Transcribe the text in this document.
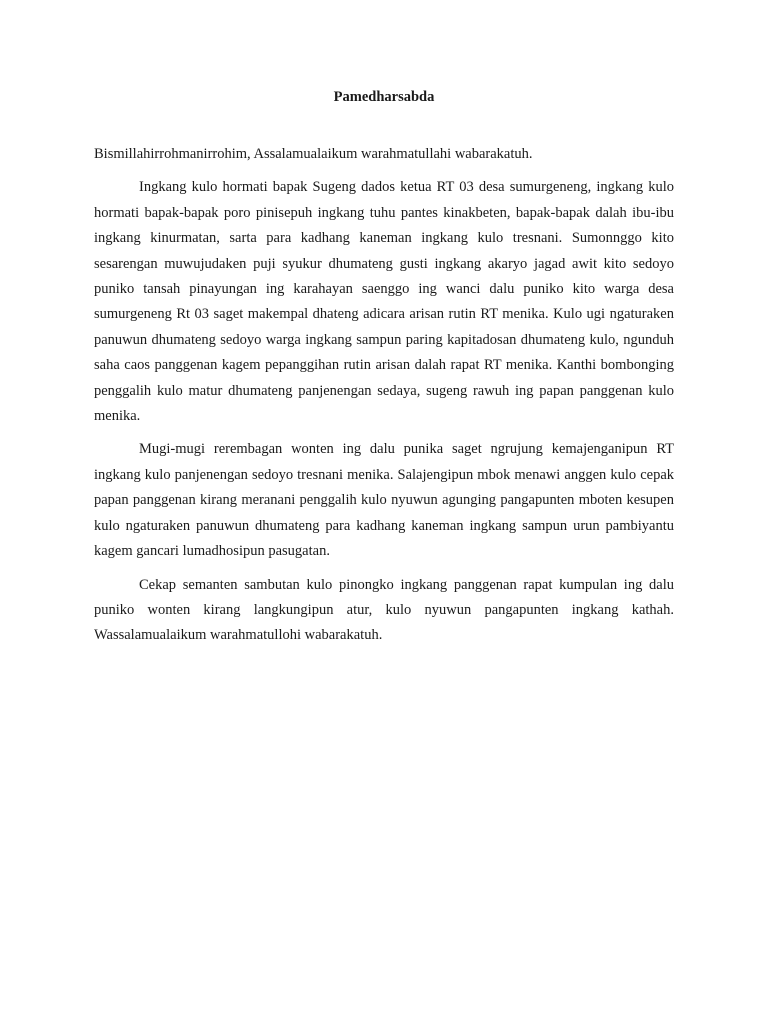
Pamedharsabda

Bismillahirrohmanirrohim, Assalamualaikum warahmatullahi wabarakatuh.

Ingkang kulo hormati bapak Sugeng dados ketua RT 03 desa sumurgeneng, ingkang kulo hormati bapak-bapak poro pinisepuh ingkang tuhu pantes kinakbeten, bapak-bapak dalah ibu-ibu ingkang kinurmatan, sarta para kadhang kaneman ingkang kulo tresnani. Sumonnggo kito sesarengan muwujudaken puji syukur dhumateng gusti ingkang akaryo jagad awit kito sedoyo puniko tansah pinayungan ing karahayan saenggo ing wanci dalu puniko kito warga desa sumurgeneng Rt 03 saget makempal dhateng adicara arisan rutin RT menika. Kulo ugi ngaturaken panuwun dhumateng sedoyo warga ingkang sampun paring kapitadosan dhumateng kulo, ngunduh saha caos panggenan kagem pepanggihan rutin arisan dalah rapat RT menika. Kanthi bombonging penggalih kulo matur dhumateng panjenengan sedaya, sugeng rawuh ing papan panggenan kulo menika.

Mugi-mugi rerembagan wonten ing dalu punika saget ngrujung kemajenganipun RT ingkang kulo panjenengan sedoyo tresnani menika. Salajengipun mbok menawi anggen kulo cepak papan panggenan kirang meranani penggalih kulo nyuwun agunging pangapunten mboten kesupen kulo ngaturaken panuwun dhumateng para kadhang kaneman ingkang sampun urun pambiyantu kagem gancari lumadhosipun pasugatan.

Cekap semanten sambutan kulo pinongko ingkang panggenan rapat kumpulan ing dalu puniko wonten kirang langkungipun atur, kulo nyuwun pangapunten ingkang kathah. Wassalamualaikum warahmatullohi wabarakatuh.
